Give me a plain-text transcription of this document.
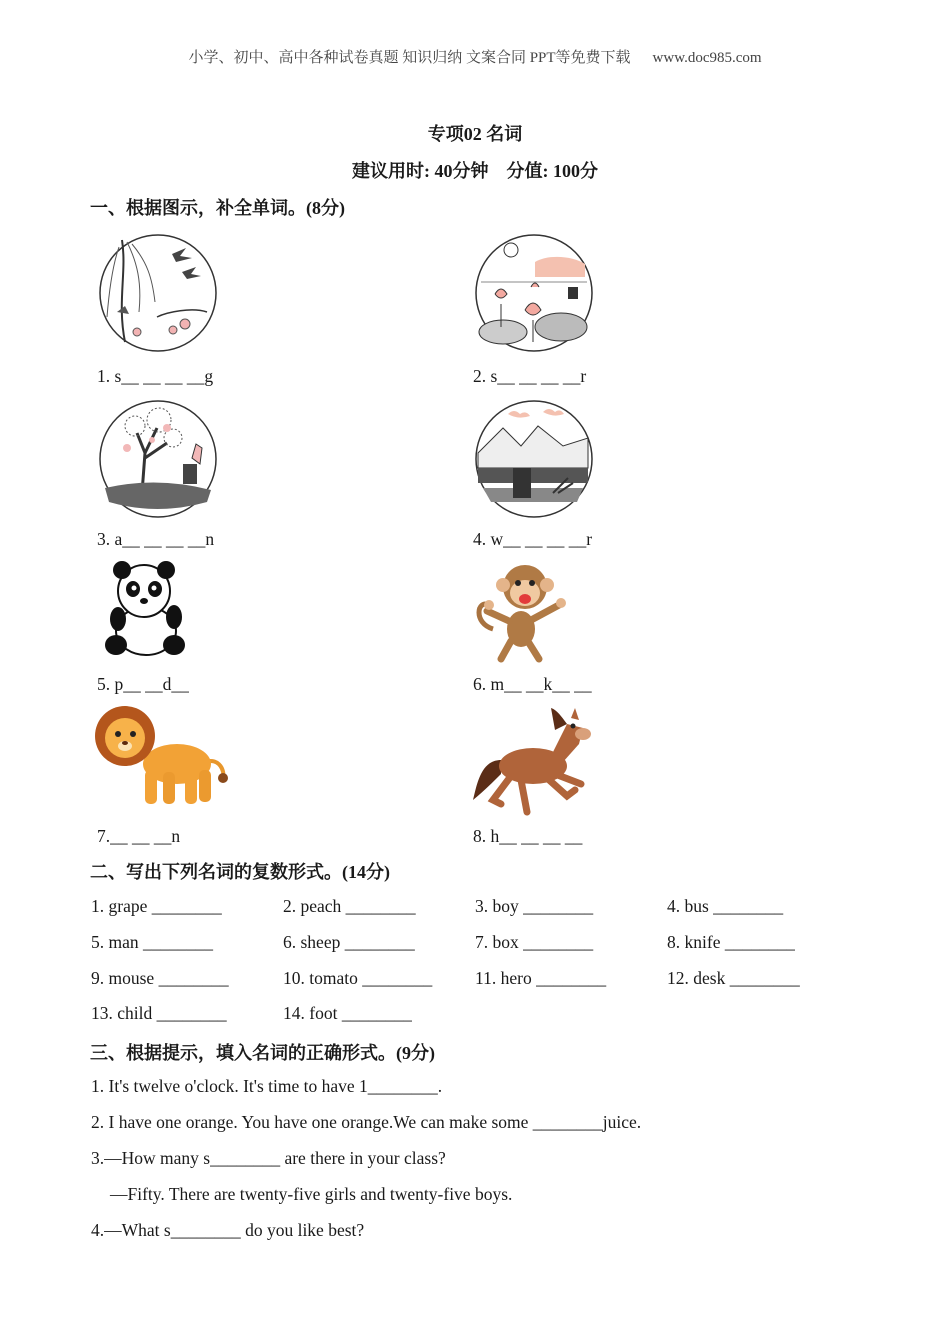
小学、初中、高中各种试卷真题 知识归纳 文案合同 PPT等免费下载 www.doc985.com
专项02 名词
建议用时: 40分钟 分值: 100分
一、根据图示，补全单词。(8分)
1. s__ __ __ __g	2. s__ __ __ __r
3. a__ __ __ __n	4. w__ __ __ __r
5. p__ __d__	6. m__ __k__ __
7.__ __ __n	8. h__ __ __ __
二、写出下列名词的复数形式。(14分)
1. grape ________	2. peach ________	3. boy ________	4. bus ________
5. man ________	6. sheep ________	7. box ________	8. knife ________
9. mouse ________	10. tomato ________ 11. hero ________	12. desk ________
13. child ________	14. foot ________
三、根据提示，填入名词的正确形式。(9分)
1. It's twelve o'clock. It's time to have 1________.
2. I have one orange. You have one orange.We can make some ________juice.
3.—How many s________ are there in your class?
—Fifty. There are twenty-five girls and twenty-five boys.
4.—What s________ do you like best?
